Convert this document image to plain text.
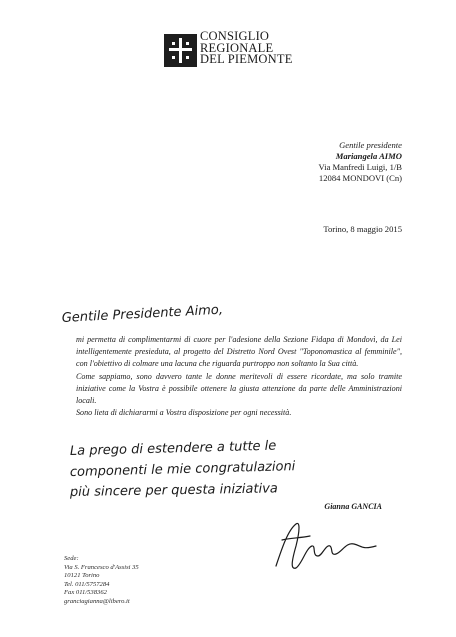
CONSIGLIO
REGIONALE
DEL PIEMONTE
Gentile presidente
Mariangela AIMO
Via Manfredi Luigi, 1/B
12084 MONDOVI (Cn)
Torino, 8 maggio 2015
Gentile Presidente Aimo,
La prego di estendere a tutte le
componenti le mie congratulazioni
più sincere per questa iniziativa

mi permetta di complimentarmi di cuore per l'adesione della Sezione Fidapa di Mondovì, da Lei intelligentemente presieduta, al progetto del Distretto Nord Ovest "Toponomastica al femminile", con l'obiettivo di colmare una lacuna che riguarda purtroppo non soltanto la Sua città.

Come sappiamo, sono davvero tante le donne meritevoli di essere ricordate, ma solo tramite iniziative come la Vostra è possibile ottenere la giusta attenzione da parte delle Amministrazioni locali.

Sono lieta di dichiararmi a Vostra disposizione per ogni necessità.

Gianna GANCIA
Sede:
Via S. Francesco d'Assisi 35
10121 Torino
Tel. 011/5757284
Fax 011/538362
granciagianna@libero.it
